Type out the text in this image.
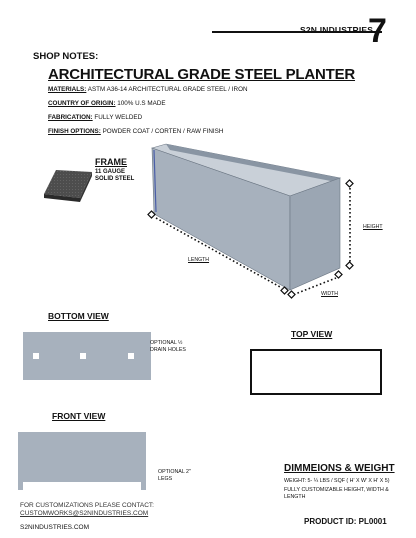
S2N INDUSTRIES
7
SHOP NOTES:
ARCHITECTURAL GRADE STEEL PLANTER
MATERIALS: ASTM A36-14 ARCHITECTURAL GRADE STEEL / IRON
COUNTRY OF ORIGIN: 100% U.S MADE
FABRICATION: FULLY WELDED
FINISH OPTIONS: POWDER COAT / CORTEN / RAW FINISH
FRAME
11 GAUGE
SOLID STEEL
LENGTH
WIDTH
HEIGHT
BOTTOM VIEW
OPTIONAL ½
DRAIN HOLES
TOP VIEW
FRONT VIEW
OPTIONAL 2"
LEGS
DIMMEIONS & WEIGHT
WEIGHT: 5- ¼ LBS / SQF ( H' X W' X H' X 5)
FULLY CUSTOMIZABLE HEIGHT, WIDTH &
LENGTH
FOR CUSTOMIZATIONS PLEASE CONTACT:
CUSTOMWORKS@S2NINDUSTRIES.COM
S2NINDUSTRIES.COM
PRODUCT ID: PL0001
